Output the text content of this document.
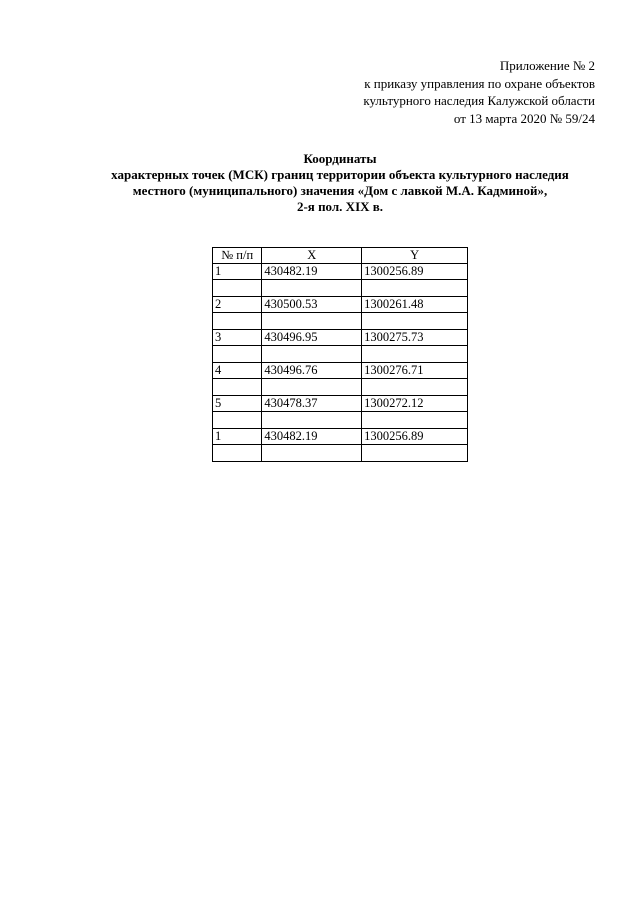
Приложение № 2
к приказу управления по охране объектов
культурного наследия Калужской области
от 13 марта 2020 № 59/24
Координаты
характерных точек (МСК) границ территории объекта культурного наследия
местного (муниципального) значения «Дом с лавкой М.А. Кадминой»,
2-я пол. XIX в.
№ п/п	X	Y
1	430482.19	1300256.89

2	430500.53	1300261.48

3	430496.95	1300275.73

4	430496.76	1300276.71

5	430478.37	1300272.12

1	430482.19	1300256.89
